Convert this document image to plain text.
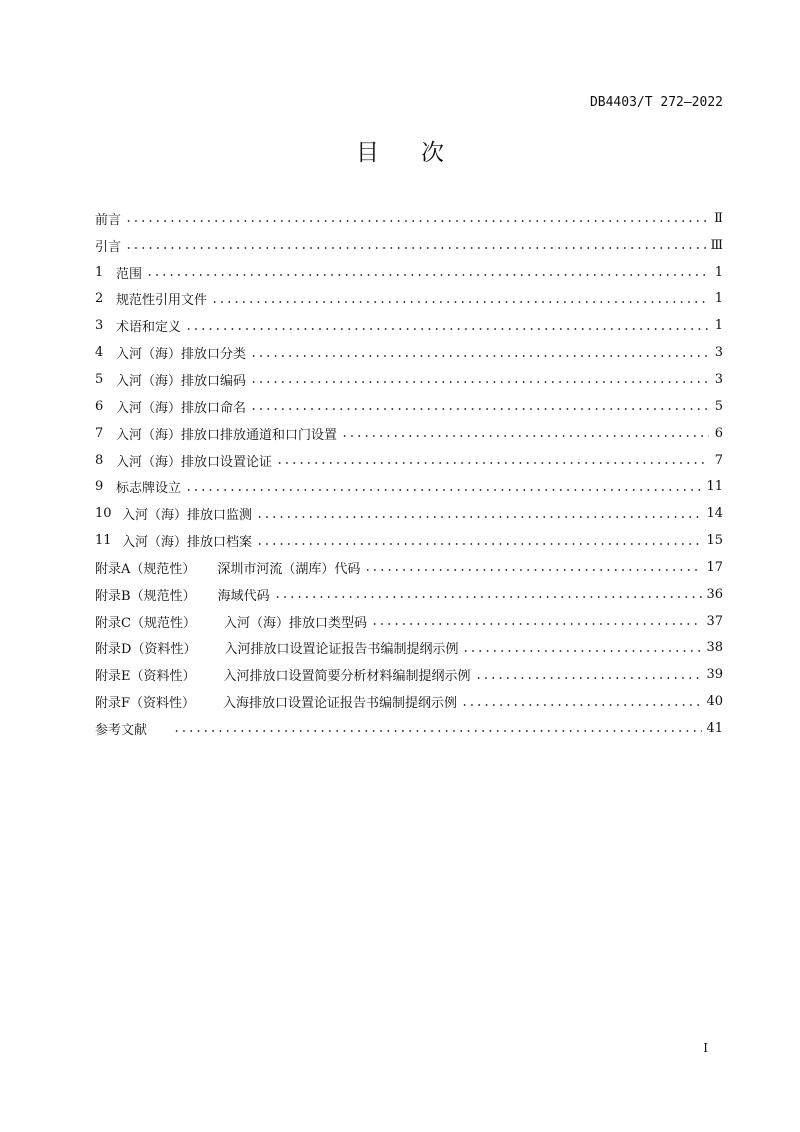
DB4403/T 272—2022
目次
前言	Ⅱ
引言	Ⅲ
1 范围	1
2 规范性引用文件	1
3 术语和定义	1
4 入河（海）排放口分类	3
5 入河（海）排放口编码	3
6 入河（海）排放口命名	5
7 入河（海）排放口排放通道和口门设置	6
8 入河（海）排放口设置论证	7
9 标志牌设立	11
10 入河（海）排放口监测	14
11 入河（海）排放口档案	15
附录A （规范性） 深圳市河流（湖库）代码	17
附录B （规范性） 海域代码	36
附录C （规范性） 入河（海）排放口类型码	37
附录D （资料性） 入河排放口设置论证报告书编制提纲示例	38
附录E （资料性） 入河排放口设置简要分析材料编制提纲示例	39
附录F （资料性） 入海排放口设置论证报告书编制提纲示例	40
参考文献	41
I
